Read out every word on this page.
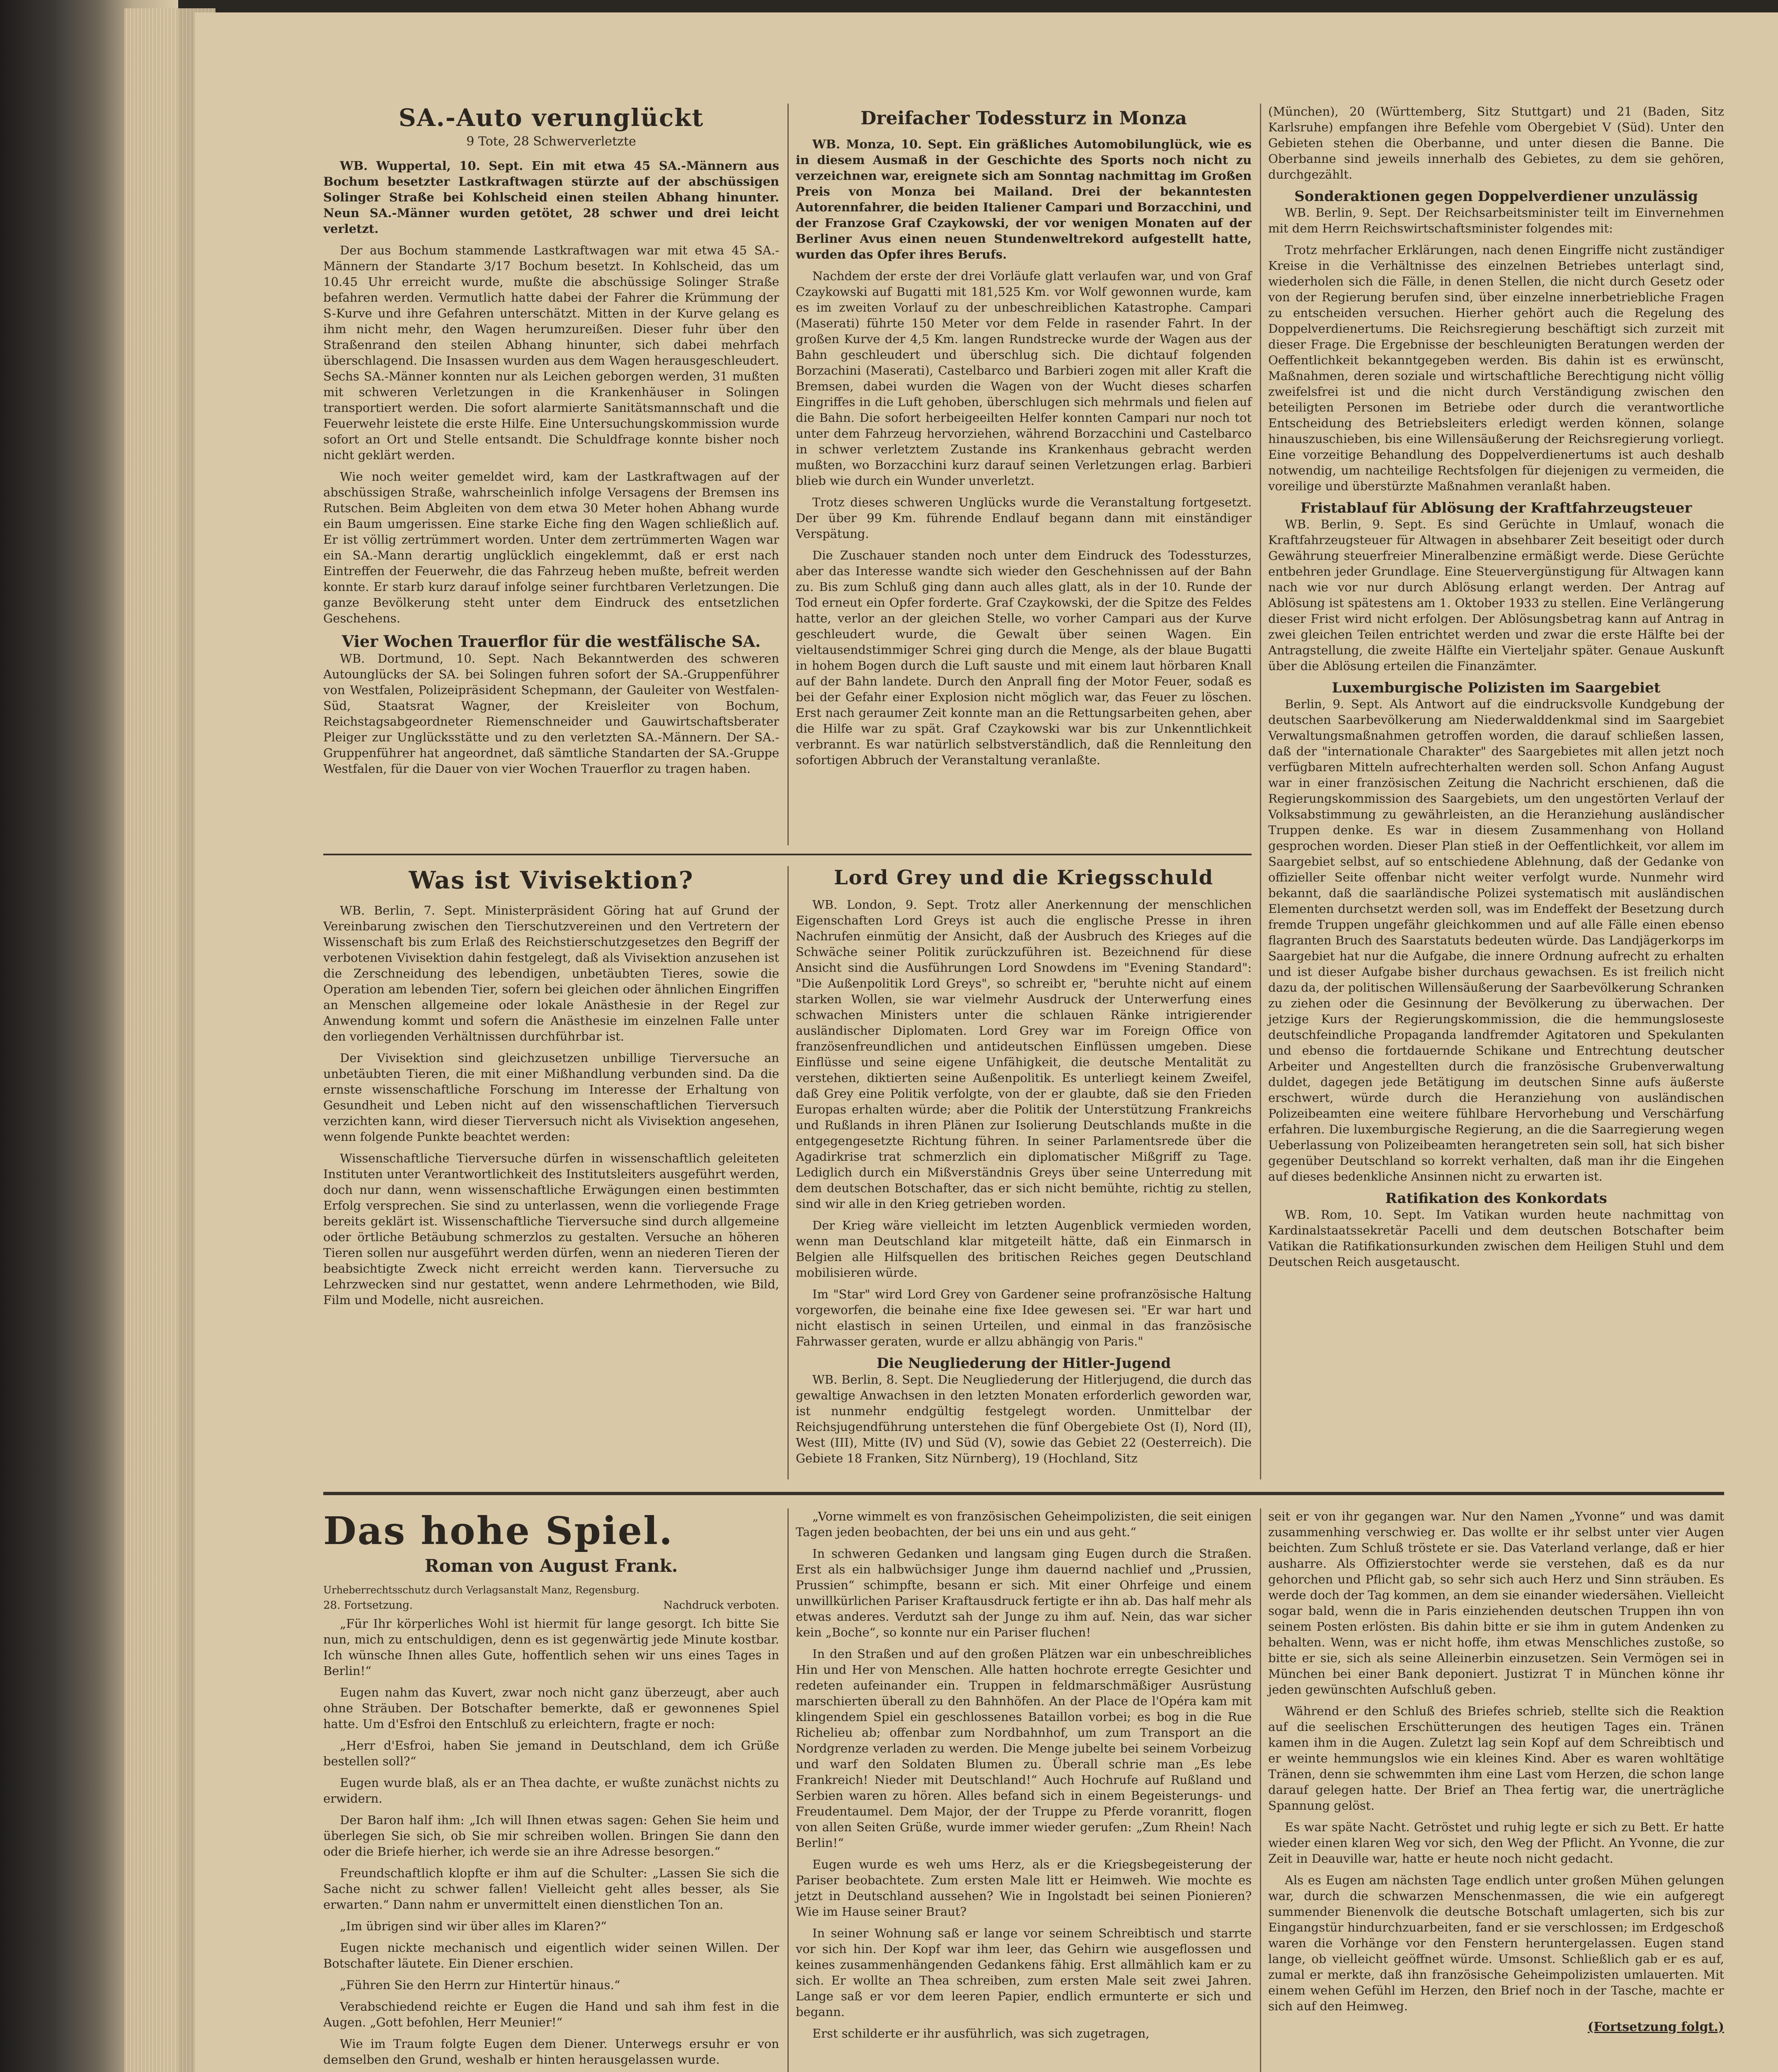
SA.-Auto verunglückt
9 Tote, 28 Schwerverletzte

WB. Wuppertal, 10. Sept. Ein mit etwa 45 SA.-Männern aus Bochum besetzter Lastkraftwagen stürzte auf der abschüssigen Solinger Straße bei Kohlscheid einen steilen Abhang hinunter. Neun SA.-Männer wurden getötet, 28 schwer und drei leicht verletzt.

Der aus Bochum stammende Lastkraftwagen war mit etwa 45 SA.-Männern der Standarte 3/17 Bochum besetzt. In Kohlscheid, das um 10.45 Uhr erreicht wurde, mußte die abschüssige Solinger Straße befahren werden. Vermutlich hatte dabei der Fahrer die Krümmung der S-Kurve und ihre Gefahren unterschätzt. Mitten in der Kurve gelang es ihm nicht mehr, den Wagen herumzureißen. Dieser fuhr über den Straßenrand den steilen Abhang hinunter, sich dabei mehrfach überschlagend. Die Insassen wurden aus dem Wagen herausgeschleudert. Sechs SA.-Männer konnten nur als Leichen geborgen werden, 31 mußten mit schweren Verletzungen in die Krankenhäuser in Solingen transportiert werden. Die sofort alarmierte Sanitätsmannschaft und die Feuerwehr leistete die erste Hilfe. Eine Untersuchungskommission wurde sofort an Ort und Stelle entsandt. Die Schuldfrage konnte bisher noch nicht geklärt werden.

Wie noch weiter gemeldet wird, kam der Lastkraftwagen auf der abschüssigen Straße, wahrscheinlich infolge Versagens der Bremsen ins Rutschen. Beim Abgleiten von dem etwa 30 Meter hohen Abhang wurde ein Baum umgerissen. Eine starke Eiche fing den Wagen schließlich auf. Er ist völlig zertrümmert worden. Unter dem zertrümmerten Wagen war ein SA.-Mann derartig unglücklich eingeklemmt, daß er erst nach Eintreffen der Feuerwehr, die das Fahrzeug heben mußte, befreit werden konnte. Er starb kurz darauf infolge seiner furchtbaren Verletzungen. Die ganze Bevölkerung steht unter dem Eindruck des entsetzlichen Geschehens.

Vier Wochen Trauerflor für die westfälische SA.

WB. Dortmund, 10. Sept. Nach Bekanntwerden des schweren Autounglücks der SA. bei Solingen fuhren sofort der SA.-Gruppenführer von Westfalen, Polizeipräsident Schepmann, der Gauleiter von Westfalen-Süd, Staatsrat Wagner, der Kreisleiter von Bochum, Reichstagsabgeordneter Riemenschneider und Gauwirtschaftsberater Pleiger zur Unglücksstätte und zu den verletzten SA.-Männern. Der SA.-Gruppenführer hat angeordnet, daß sämtliche Standarten der SA.-Gruppe Westfalen, für die Dauer von vier Wochen Trauerflor zu tragen haben.

Dreifacher Todessturz in Monza

WB. Monza, 10. Sept. Ein gräßliches Automobilunglück, wie es in diesem Ausmaß in der Geschichte des Sports noch nicht zu verzeichnen war, ereignete sich am Sonntag nachmittag im Großen Preis von Monza bei Mailand. Drei der bekanntesten Autorennfahrer, die beiden Italiener Campari und Borzacchini, und der Franzose Graf Czaykowski, der vor wenigen Monaten auf der Berliner Avus einen neuen Stundenweltrekord aufgestellt hatte, wurden das Opfer ihres Berufs.

Nachdem der erste der drei Vorläufe glatt verlaufen war, und von Graf Czaykowski auf Bugatti mit 181,525 Km. vor Wolf gewonnen wurde, kam es im zweiten Vorlauf zu der unbeschreiblichen Katastrophe. Campari (Maserati) führte 150 Meter vor dem Felde in rasender Fahrt. In der großen Kurve der 4,5 Km. langen Rundstrecke wurde der Wagen aus der Bahn geschleudert und überschlug sich. Die dichtauf folgenden Borzachini (Maserati), Castelbarco und Barbieri zogen mit aller Kraft die Bremsen, dabei wurden die Wagen von der Wucht dieses scharfen Eingriffes in die Luft gehoben, überschlugen sich mehrmals und fielen auf die Bahn. Die sofort herbeigeeilten Helfer konnten Campari nur noch tot unter dem Fahrzeug hervorziehen, während Borzacchini und Castelbarco in schwer verletztem Zustande ins Krankenhaus gebracht werden mußten, wo Borzacchini kurz darauf seinen Verletzungen erlag. Barbieri blieb wie durch ein Wunder unverletzt.

Trotz dieses schweren Unglücks wurde die Veranstaltung fortgesetzt. Der über 99 Km. führende Endlauf begann dann mit einständiger Verspätung.

Die Zuschauer standen noch unter dem Eindruck des Todessturzes, aber das Interesse wandte sich wieder den Geschehnissen auf der Bahn zu. Bis zum Schluß ging dann auch alles glatt, als in der 10. Runde der Tod erneut ein Opfer forderte. Graf Czaykowski, der die Spitze des Feldes hatte, verlor an der gleichen Stelle, wo vorher Campari aus der Kurve geschleudert wurde, die Gewalt über seinen Wagen. Ein vieltausendstimmiger Schrei ging durch die Menge, als der blaue Bugatti in hohem Bogen durch die Luft sauste und mit einem laut hörbaren Knall auf der Bahn landete. Durch den Anprall fing der Motor Feuer, sodaß es bei der Gefahr einer Explosion nicht möglich war, das Feuer zu löschen. Erst nach geraumer Zeit konnte man an die Rettungsarbeiten gehen, aber die Hilfe war zu spät. Graf Czaykowski war bis zur Unkenntlichkeit verbrannt. Es war natürlich selbstverständlich, daß die Rennleitung den sofortigen Abbruch der Veranstaltung veranlaßte.

(München), 20 (Württemberg, Sitz Stuttgart) und 21 (Baden, Sitz Karlsruhe) empfangen ihre Befehle vom Obergebiet V (Süd). Unter den Gebieten stehen die Oberbanne, und unter diesen die Banne. Die Oberbanne sind jeweils innerhalb des Gebietes, zu dem sie gehören, durchgezählt.

Sonderaktionen gegen Doppelverdiener unzulässig

WB. Berlin, 9. Sept. Der Reichsarbeitsminister teilt im Einvernehmen mit dem Herrn Reichswirtschaftsminister folgendes mit:

Trotz mehrfacher Erklärungen, nach denen Eingriffe nicht zuständiger Kreise in die Verhältnisse des einzelnen Betriebes unterlagt sind, wiederholen sich die Fälle, in denen Stellen, die nicht durch Gesetz oder von der Regierung berufen sind, über einzelne innerbetriebliche Fragen zu entscheiden versuchen. Hierher gehört auch die Regelung des Doppelverdienertums. Die Reichsregierung beschäftigt sich zurzeit mit dieser Frage. Die Ergebnisse der beschleunigten Beratungen werden der Oeffentlichkeit bekanntgegeben werden. Bis dahin ist es erwünscht, Maßnahmen, deren soziale und wirtschaftliche Berechtigung nicht völlig zweifelsfrei ist und die nicht durch Verständigung zwischen den beteiligten Personen im Betriebe oder durch die verantwortliche Entscheidung des Betriebsleiters erledigt werden können, solange hinauszuschieben, bis eine Willensäußerung der Reichsregierung vorliegt. Eine vorzeitige Behandlung des Doppelverdienertums ist auch deshalb notwendig, um nachteilige Rechtsfolgen für diejenigen zu vermeiden, die voreilige und überstürzte Maßnahmen veranlaßt haben.

Fristablauf für Ablösung der Kraftfahrzeugsteuer

WB. Berlin, 9. Sept. Es sind Gerüchte in Umlauf, wonach die Kraftfahrzeugsteuer für Altwagen in absehbarer Zeit beseitigt oder durch Gewährung steuerfreier Mineralbenzine ermäßigt werde. Diese Gerüchte entbehren jeder Grundlage. Eine Steuervergünstigung für Altwagen kann nach wie vor nur durch Ablösung erlangt werden. Der Antrag auf Ablösung ist spätestens am 1. Oktober 1933 zu stellen. Eine Verlängerung dieser Frist wird nicht erfolgen. Der Ablösungsbetrag kann auf Antrag in zwei gleichen Teilen entrichtet werden und zwar die erste Hälfte bei der Antragstellung, die zweite Hälfte ein Vierteljahr später. Genaue Auskunft über die Ablösung erteilen die Finanzämter.

Luxemburgische Polizisten im Saargebiet

Berlin, 9. Sept. Als Antwort auf die eindrucksvolle Kundgebung der deutschen Saarbevölkerung am Niederwalddenkmal sind im Saargebiet Verwaltungsmaßnahmen getroffen worden, die darauf schließen lassen, daß der "internationale Charakter" des Saargebietes mit allen jetzt noch verfügbaren Mitteln aufrechterhalten werden soll. Schon Anfang August war in einer französischen Zeitung die Nachricht erschienen, daß die Regierungskommission des Saargebiets, um den ungestörten Verlauf der Volksabstimmung zu gewährleisten, an die Heranziehung ausländischer Truppen denke. Es war in diesem Zusammenhang von Holland gesprochen worden. Dieser Plan stieß in der Oeffentlichkeit, vor allem im Saargebiet selbst, auf so entschiedene Ablehnung, daß der Gedanke von offizieller Seite offenbar nicht weiter verfolgt wurde. Nunmehr wird bekannt, daß die saarländische Polizei systematisch mit ausländischen Elementen durchsetzt werden soll, was im Endeffekt der Besetzung durch fremde Truppen ungefähr gleichkommen und auf alle Fälle einen ebenso flagranten Bruch des Saarstatuts bedeuten würde. Das Landjägerkorps im Saargebiet hat nur die Aufgabe, die innere Ordnung aufrecht zu erhalten und ist dieser Aufgabe bisher durchaus gewachsen. Es ist freilich nicht dazu da, der politischen Willensäußerung der Saarbevölkerung Schranken zu ziehen oder die Gesinnung der Bevölkerung zu überwachen. Der jetzige Kurs der Regierungskommission, die die hemmungsloseste deutschfeindliche Propaganda landfremder Agitatoren und Spekulanten und ebenso die fortdauernde Schikane und Entrechtung deutscher Arbeiter und Angestellten durch die französische Grubenverwaltung duldet, dagegen jede Betätigung im deutschen Sinne aufs äußerste erschwert, würde durch die Heranziehung von ausländischen Polizeibeamten eine weitere fühlbare Hervorhebung und Verschärfung erfahren. Die luxemburgische Regierung, an die die Saarregierung wegen Ueberlassung von Polizeibeamten herangetreten sein soll, hat sich bisher gegenüber Deutschland so korrekt verhalten, daß man ihr die Eingehen auf dieses bedenkliche Ansinnen nicht zu erwarten ist.

Ratifikation des Konkordats

WB. Rom, 10. Sept. Im Vatikan wurden heute nachmittag von Kardinalstaatssekretär Pacelli und dem deutschen Botschafter beim Vatikan die Ratifikationsurkunden zwischen dem Heiligen Stuhl und dem Deutschen Reich ausgetauscht.

Was ist Vivisektion?

WB. Berlin, 7. Sept. Ministerpräsident Göring hat auf Grund der Vereinbarung zwischen den Tierschutzvereinen und den Vertretern der Wissenschaft bis zum Erlaß des Reichstierschutzgesetzes den Begriff der verbotenen Vivisektion dahin festgelegt, daß als Vivisektion anzusehen ist die Zerschneidung des lebendigen, unbetäubten Tieres, sowie die Operation am lebenden Tier, sofern bei gleichen oder ähnlichen Eingriffen an Menschen allgemeine oder lokale Anästhesie in der Regel zur Anwendung kommt und sofern die Anästhesie im einzelnen Falle unter den vorliegenden Verhältnissen durchführbar ist.

Der Vivisektion sind gleichzusetzen unbillige Tierversuche an unbetäubten Tieren, die mit einer Mißhandlung verbunden sind. Da die ernste wissenschaftliche Forschung im Interesse der Erhaltung von Gesundheit und Leben nicht auf den wissenschaftlichen Tierversuch verzichten kann, wird dieser Tierversuch nicht als Vivisektion angesehen, wenn folgende Punkte beachtet werden:

Wissenschaftliche Tierversuche dürfen in wissenschaftlich geleiteten Instituten unter Verantwortlichkeit des Institutsleiters ausgeführt werden, doch nur dann, wenn wissenschaftliche Erwägungen einen bestimmten Erfolg versprechen. Sie sind zu unterlassen, wenn die vorliegende Frage bereits geklärt ist. Wissenschaftliche Tierversuche sind durch allgemeine oder örtliche Betäubung schmerzlos zu gestalten. Versuche an höheren Tieren sollen nur ausgeführt werden dürfen, wenn an niederen Tieren der beabsichtigte Zweck nicht erreicht werden kann. Tierversuche zu Lehrzwecken sind nur gestattet, wenn andere Lehrmethoden, wie Bild, Film und Modelle, nicht ausreichen.

Lord Grey und die Kriegsschuld

WB. London, 9. Sept. Trotz aller Anerkennung der menschlichen Eigenschaften Lord Greys ist auch die englische Presse in ihren Nachrufen einmütig der Ansicht, daß der Ausbruch des Krieges auf die Schwäche seiner Politik zurückzuführen ist. Bezeichnend für diese Ansicht sind die Ausführungen Lord Snowdens im "Evening Standard": "Die Außenpolitik Lord Greys", so schreibt er, "beruhte nicht auf einem starken Wollen, sie war vielmehr Ausdruck der Unterwerfung eines schwachen Ministers unter die schlauen Ränke intrigierender ausländischer Diplomaten. Lord Grey war im Foreign Office von französenfreundlichen und antideutschen Einflüssen umgeben. Diese Einflüsse und seine eigene Unfähigkeit, die deutsche Mentalität zu verstehen, diktierten seine Außenpolitik. Es unterliegt keinem Zweifel, daß Grey eine Politik verfolgte, von der er glaubte, daß sie den Frieden Europas erhalten würde; aber die Politik der Unterstützung Frankreichs und Rußlands in ihren Plänen zur Isolierung Deutschlands mußte in die entgegengesetzte Richtung führen. In seiner Parlamentsrede über die Agadirkrise trat schmerzlich ein diplomatischer Mißgriff zu Tage. Lediglich durch ein Mißverständnis Greys über seine Unterredung mit dem deutschen Botschafter, das er sich nicht bemühte, richtig zu stellen, sind wir alle in den Krieg getrieben worden.

Der Krieg wäre vielleicht im letzten Augenblick vermieden worden, wenn man Deutschland klar mitgeteilt hätte, daß ein Einmarsch in Belgien alle Hilfsquellen des britischen Reiches gegen Deutschland mobilisieren würde.

Im "Star" wird Lord Grey von Gardener seine profranzösische Haltung vorgeworfen, die beinahe eine fixe Idee gewesen sei. "Er war hart und nicht elastisch in seinen Urteilen, und einmal in das französische Fahrwasser geraten, wurde er allzu abhängig von Paris."

Die Neugliederung der Hitler-Jugend

WB. Berlin, 8. Sept. Die Neugliederung der Hitlerjugend, die durch das gewaltige Anwachsen in den letzten Monaten erforderlich geworden war, ist nunmehr endgültig festgelegt worden. Unmittelbar der Reichsjugendführung unterstehen die fünf Obergebiete Ost (I), Nord (II), West (III), Mitte (IV) und Süd (V), sowie das Gebiet 22 (Oesterreich). Die Gebiete 18 Franken, Sitz Nürnberg), 19 (Hochland, Sitz

Das hohe Spiel.
Roman von August Frank.
Urheberrechtsschutz durch Verlagsanstalt Manz, Regensburg.
28. Fortsetzung.	Nachdruck verboten.

„Für Ihr körperliches Wohl ist hiermit für lange gesorgt. Ich bitte Sie nun, mich zu entschuldigen, denn es ist gegenwärtig jede Minute kostbar. Ich wünsche Ihnen alles Gute, hoffentlich sehen wir uns eines Tages in Berlin!“

Eugen nahm das Kuvert, zwar noch nicht ganz überzeugt, aber auch ohne Sträuben. Der Botschafter bemerkte, daß er gewonnenes Spiel hatte. Um d'Esfroi den Entschluß zu erleichtern, fragte er noch:

„Herr d'Esfroi, haben Sie jemand in Deutschland, dem ich Grüße bestellen soll?“

Eugen wurde blaß, als er an Thea dachte, er wußte zunächst nichts zu erwidern.

Der Baron half ihm: „Ich will Ihnen etwas sagen: Gehen Sie heim und überlegen Sie sich, ob Sie mir schreiben wollen. Bringen Sie dann den oder die Briefe hierher, ich werde sie an ihre Adresse besorgen.“

Freundschaftlich klopfte er ihm auf die Schulter: „Lassen Sie sich die Sache nicht zu schwer fallen! Vielleicht geht alles besser, als Sie erwarten.“ Dann nahm er unvermittelt einen dienstlichen Ton an.

„Im übrigen sind wir über alles im Klaren?“

Eugen nickte mechanisch und eigentlich wider seinen Willen. Der Botschafter läutete. Ein Diener erschien.

„Führen Sie den Herrn zur Hintertür hinaus.“

Verabschiedend reichte er Eugen die Hand und sah ihm fest in die Augen. „Gott befohlen, Herr Meunier!“

Wie im Traum folgte Eugen dem Diener. Unterwegs ersuhr er von demselben den Grund, weshalb er hinten herausgelassen wurde.

„Vorne wimmelt es von französischen Geheimpolizisten, die seit einigen Tagen jeden beobachten, der bei uns ein und aus geht.“

In schweren Gedanken und langsam ging Eugen durch die Straßen. Erst als ein halbwüchsiger Junge ihm dauernd nachlief und „Prussien, Prussien“ schimpfte, besann er sich. Mit einer Ohrfeige und einem unwillkürlichen Pariser Kraftausdruck fertigte er ihn ab. Das half mehr als etwas anderes. Verdutzt sah der Junge zu ihm auf. Nein, das war sicher kein „Boche“, so konnte nur ein Pariser fluchen!

In den Straßen und auf den großen Plätzen war ein unbeschreibliches Hin und Her von Menschen. Alle hatten hochrote erregte Gesichter und redeten aufeinander ein. Truppen in feldmarschmäßiger Ausrüstung marschierten überall zu den Bahnhöfen. An der Place de l'Opéra kam mit klingendem Spiel ein geschlossenes Bataillon vorbei; es bog in die Rue Richelieu ab; offenbar zum Nordbahnhof, um zum Transport an die Nordgrenze verladen zu werden. Die Menge jubelte bei seinem Vorbeizug und warf den Soldaten Blumen zu. Überall schrie man „Es lebe Frankreich! Nieder mit Deutschland!“ Auch Hochrufe auf Rußland und Serbien waren zu hören. Alles befand sich in einem Begeisterungs- und Freudentaumel. Dem Major, der der Truppe zu Pferde voranritt, flogen von allen Seiten Grüße, wurde immer wieder gerufen: „Zum Rhein! Nach Berlin!“

Eugen wurde es weh ums Herz, als er die Kriegsbegeisterung der Pariser beobachtete. Zum ersten Male litt er Heimweh. Wie mochte es jetzt in Deutschland aussehen? Wie in Ingolstadt bei seinen Pionieren? Wie im Hause seiner Braut?

In seiner Wohnung saß er lange vor seinem Schreibtisch und starrte vor sich hin. Der Kopf war ihm leer, das Gehirn wie ausgeflossen und keines zusammenhängenden Gedankens fähig. Erst allmählich kam er zu sich. Er wollte an Thea schreiben, zum ersten Male seit zwei Jahren. Lange saß er vor dem leeren Papier, endlich ermunterte er sich und begann.

Erst schilderte er ihr ausführlich, was sich zugetragen,

seit er von ihr gegangen war. Nur den Namen „Yvonne“ und was damit zusammenhing verschwieg er. Das wollte er ihr selbst unter vier Augen beichten. Zum Schluß tröstete er sie. Das Vaterland verlange, daß er hier ausharre. Als Offizierstochter werde sie verstehen, daß es da nur gehorchen und Pflicht gab, so sehr sich auch Herz und Sinn sträuben. Es werde doch der Tag kommen, an dem sie einander wiedersähen. Vielleicht sogar bald, wenn die in Paris einziehenden deutschen Truppen ihn von seinem Posten erlösten. Bis dahin bitte er sie ihm in gutem Andenken zu behalten. Wenn, was er nicht hoffe, ihm etwas Menschliches zustoße, so bitte er sie, sich als seine Alleinerbin einzusetzen. Sein Vermögen sei in München bei einer Bank deponiert. Justizrat T in München könne ihr jeden gewünschten Aufschluß geben.

Während er den Schluß des Briefes schrieb, stellte sich die Reaktion auf die seelischen Erschütterungen des heutigen Tages ein. Tränen kamen ihm in die Augen. Zuletzt lag sein Kopf auf dem Schreibtisch und er weinte hemmungslos wie ein kleines Kind. Aber es waren wohltätige Tränen, denn sie schwemmten ihm eine Last vom Herzen, die schon lange darauf gelegen hatte. Der Brief an Thea fertig war, die unerträgliche Spannung gelöst.

Es war späte Nacht. Getröstet und ruhig legte er sich zu Bett. Er hatte wieder einen klaren Weg vor sich, den Weg der Pflicht. An Yvonne, die zur Zeit in Deauville war, hatte er heute noch nicht gedacht.

Als es Eugen am nächsten Tage endlich unter großen Mühen gelungen war, durch die schwarzen Menschenmassen, die wie ein aufgeregt summender Bienenvolk die deutsche Botschaft umlagerten, sich bis zur Eingangstür hindurchzuarbeiten, fand er sie verschlossen; im Erdgeschoß waren die Vorhänge vor den Fenstern heruntergelassen. Eugen stand lange, ob vielleicht geöffnet würde. Umsonst. Schließlich gab er es auf, zumal er merkte, daß ihn französische Geheimpolizisten umlauerten. Mit einem wehen Gefühl im Herzen, den Brief noch in der Tasche, machte er sich auf den Heimweg.

(Fortsetzung folgt.)
